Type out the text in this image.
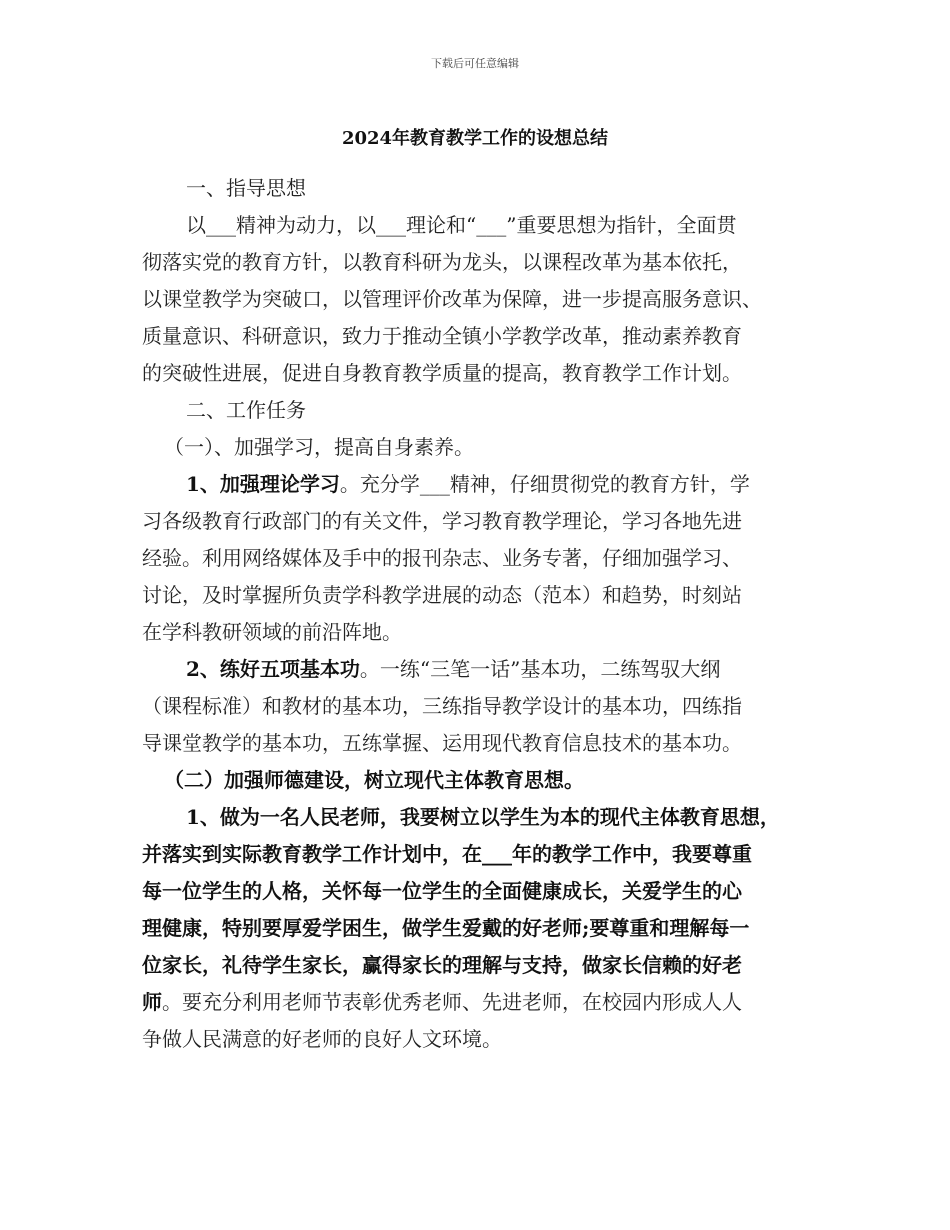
下载后可任意编辑
2024年教育教学工作的设想总结
一、指导思想
以___精神为动力，以___理论和“___”重要思想为指针，全面贯
彻落实党的教育方针，以教育科研为龙头，以课程改革为基本依托，
以课堂教学为突破口，以管理评价改革为保障，进一步提高服务意识、
质量意识、科研意识，致力于推动全镇小学教学改革，推动素养教育
的突破性进展，促进自身教育教学质量的提高，教育教学工作计划。
二、工作任务
（一）、加强学习，提高自身素养。
1、加强理论学习。充分学___精神，仔细贯彻党的教育方针，学
习各级教育行政部门的有关文件，学习教育教学理论，学习各地先进
经验。利用网络媒体及手中的报刊杂志、业务专著，仔细加强学习、
讨论，及时掌握所负责学科教学进展的动态（范本）和趋势，时刻站
在学科教研领域的前沿阵地。
2、练好五项基本功。一练“三笔一话”基本功，二练驾驭大纲
（课程标准）和教材的基本功，三练指导教学设计的基本功，四练指
导课堂教学的基本功，五练掌握、运用现代教育信息技术的基本功。
（二）加强师德建设，树立现代主体教育思想。
1、做为一名人民老师，我要树立以学生为本的现代主体教育思想，
并落实到实际教育教学工作计划中，在___年的教学工作中，我要尊重
每一位学生的人格，关怀每一位学生的全面健康成长，关爱学生的心
理健康，特别要厚爱学困生，做学生爱戴的好老师;要尊重和理解每一
位家长，礼待学生家长，赢得家长的理解与支持，做家长信赖的好老
师。要充分利用老师节表彰优秀老师、先进老师，在校园内形成人人
争做人民满意的好老师的良好人文环境。
